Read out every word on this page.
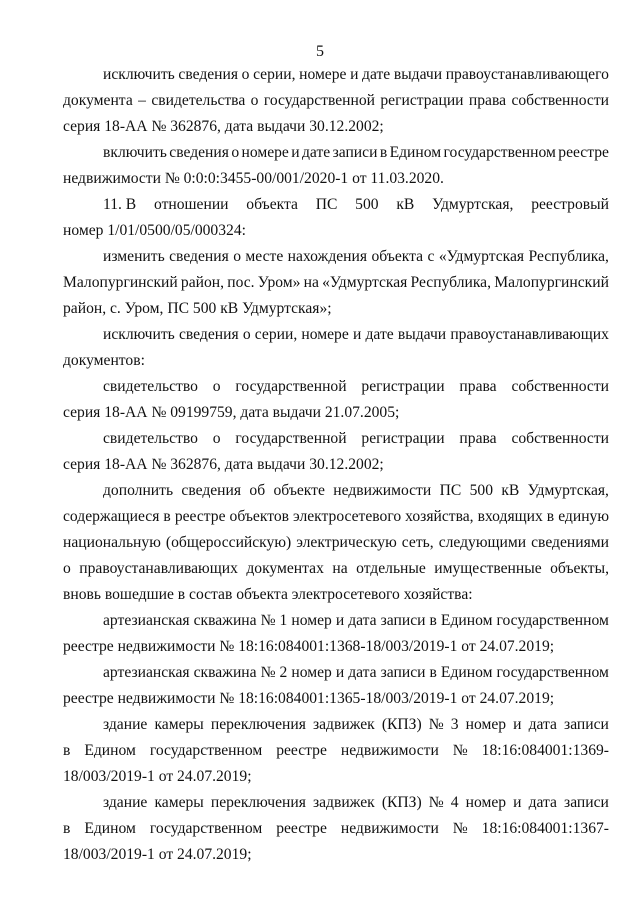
5
исключить сведения о серии, номере и дате выдачи правоустанавливающего
документа – свидетельства о государственной регистрации права собственности
серия 18-АА № 362876, дата выдачи 30.12.2002;
включить сведения о номере и дате записи в Едином государственном реестре
недвижимости № 0:0:0:3455-00/001/2020-1 от 11.03.2020.
11. В отношении объекта ПС 500 кВ Удмуртская, реестровый
номер 1/01/0500/05/000324:
изменить сведения о месте нахождения объекта с «Удмуртская Республика,
Малопургинский район, пос. Уром» на «Удмуртская Республика, Малопургинский
район, с. Уром, ПС 500 кВ Удмуртская»;
исключить сведения о серии, номере и дате выдачи правоустанавливающих
документов:
свидетельство о государственной регистрации права собственности
серия 18-АА № 09199759, дата выдачи 21.07.2005;
свидетельство о государственной регистрации права собственности
серия 18-АА № 362876, дата выдачи 30.12.2002;
дополнить сведения об объекте недвижимости ПС 500 кВ Удмуртская,
содержащиеся в реестре объектов электросетевого хозяйства, входящих в единую
национальную (общероссийскую) электрическую сеть, следующими сведениями
о правоустанавливающих документах на отдельные имущественные объекты,
вновь вошедшие в состав объекта электросетевого хозяйства:
артезианская скважина № 1 номер и дата записи в Едином государственном
реестре недвижимости № 18:16:084001:1368-18/003/2019-1 от 24.07.2019;
артезианская скважина № 2 номер и дата записи в Едином государственном
реестре недвижимости № 18:16:084001:1365-18/003/2019-1 от 24.07.2019;
здание камеры переключения задвижек (КПЗ) № 3 номер и дата записи
в Едином государственном реестре недвижимости № 18:16:084001:1369-
18/003/2019-1 от 24.07.2019;
здание камеры переключения задвижек (КПЗ) № 4 номер и дата записи
в Едином государственном реестре недвижимости № 18:16:084001:1367-
18/003/2019-1 от 24.07.2019;
